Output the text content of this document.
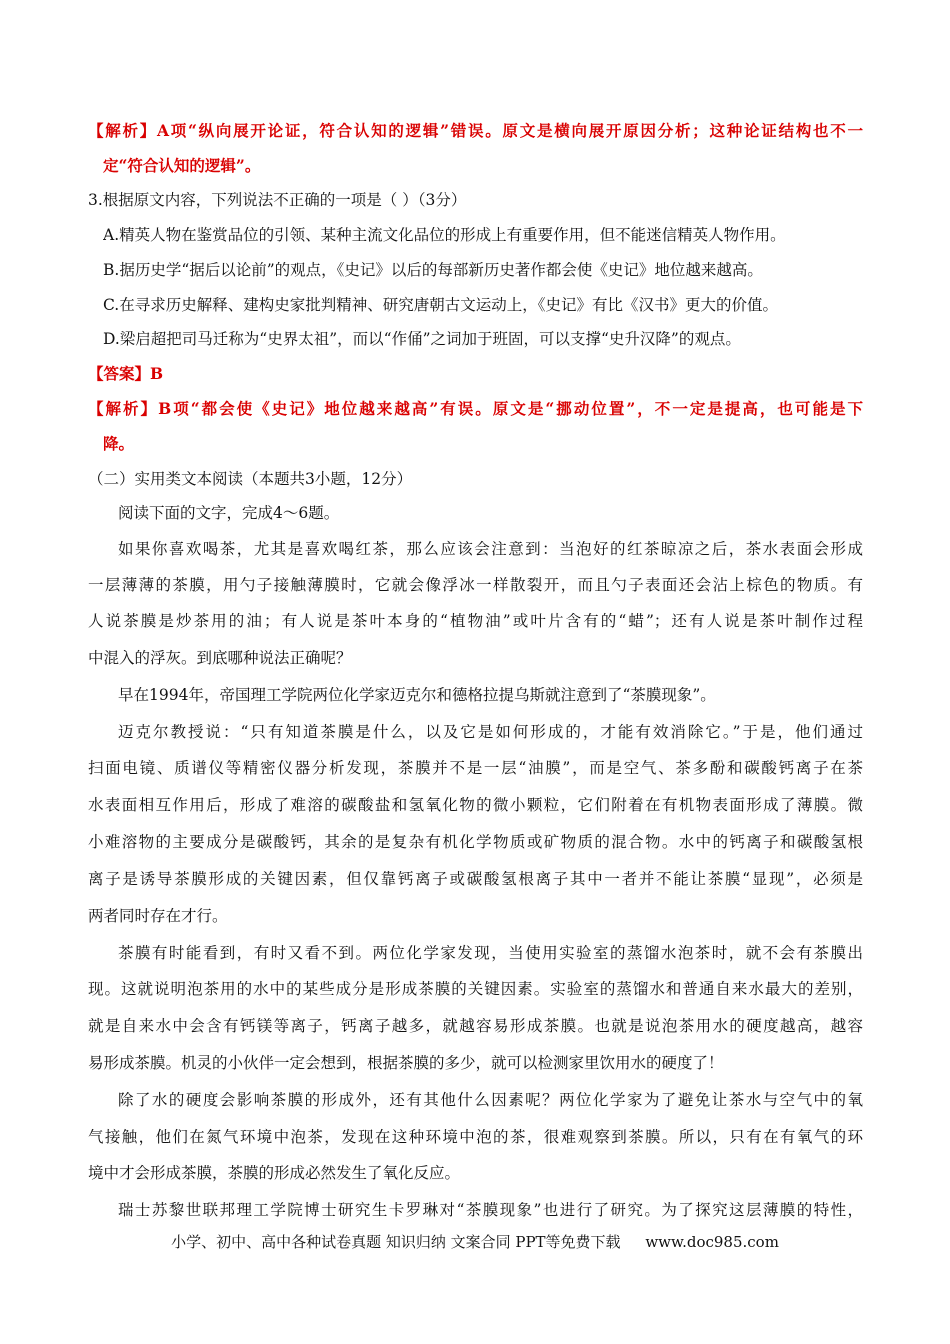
【解析】A项“纵向展开论证，符合认知的逻辑”错误。原文是横向展开原因分析；这种论证结构也不一
定“符合认知的逻辑”。
3.根据原文内容，下列说法不正确的一项是（ ）（3分）
A.精英人物在鉴赏品位的引领、某种主流文化品位的形成上有重要作用，但不能迷信精英人物作用。
B.据历史学“据后以论前”的观点，《史记》以后的每部新历史著作都会使《史记》地位越来越高。
C.在寻求历史解释、建构史家批判精神、研究唐朝古文运动上，《史记》有比《汉书》更大的价值。
D.梁启超把司马迁称为“史界太祖”，而以“作俑”之词加于班固，可以支撑“史升汉降”的观点。
【答案】B
【解析】B项“都会使《史记》地位越来越高”有误。原文是“挪动位置”，不一定是提高，也可能是下
降。
（二）实用类文本阅读（本题共3小题，12分）
阅读下面的文字，完成4～6题。
如果你喜欢喝茶，尤其是喜欢喝红茶，那么应该会注意到：当泡好的红茶晾凉之后，茶水表面会形成
一层薄薄的茶膜，用勺子接触薄膜时，它就会像浮冰一样散裂开，而且勺子表面还会沾上棕色的物质。有
人说茶膜是炒茶用的油；有人说是茶叶本身的“植物油”或叶片含有的“蜡”；还有人说是茶叶制作过程
中混入的浮灰。到底哪种说法正确呢？
早在1994年，帝国理工学院两位化学家迈克尔和德格拉提乌斯就注意到了“茶膜现象”。
迈克尔教授说：“只有知道茶膜是什么，以及它是如何形成的，才能有效消除它。”于是，他们通过
扫面电镜、质谱仪等精密仪器分析发现，茶膜并不是一层“油膜”，而是空气、茶多酚和碳酸钙离子在茶
水表面相互作用后，形成了难溶的碳酸盐和氢氧化物的微小颗粒，它们附着在有机物表面形成了薄膜。微
小难溶物的主要成分是碳酸钙，其余的是复杂有机化学物质或矿物质的混合物。水中的钙离子和碳酸氢根
离子是诱导茶膜形成的关键因素，但仅靠钙离子或碳酸氢根离子其中一者并不能让茶膜“显现”，必须是
两者同时存在才行。
茶膜有时能看到，有时又看不到。两位化学家发现，当使用实验室的蒸馏水泡茶时，就不会有茶膜出
现。这就说明泡茶用的水中的某些成分是形成茶膜的关键因素。实验室的蒸馏水和普通自来水最大的差别，
就是自来水中会含有钙镁等离子，钙离子越多，就越容易形成茶膜。也就是说泡茶用水的硬度越高，越容
易形成茶膜。机灵的小伙伴一定会想到，根据茶膜的多少，就可以检测家里饮用水的硬度了！
除了水的硬度会影响茶膜的形成外，还有其他什么因素呢？两位化学家为了避免让茶水与空气中的氧
气接触，他们在氮气环境中泡茶，发现在这种环境中泡的茶，很难观察到茶膜。所以，只有在有氧气的环
境中才会形成茶膜，茶膜的形成必然发生了氧化反应。
瑞士苏黎世联邦理工学院博士研究生卡罗琳对“茶膜现象”也进行了研究。为了探究这层薄膜的特性，
小学、初中、高中各种试卷真题 知识归纳 文案合同 PPT等免费下载 www.doc985.com
